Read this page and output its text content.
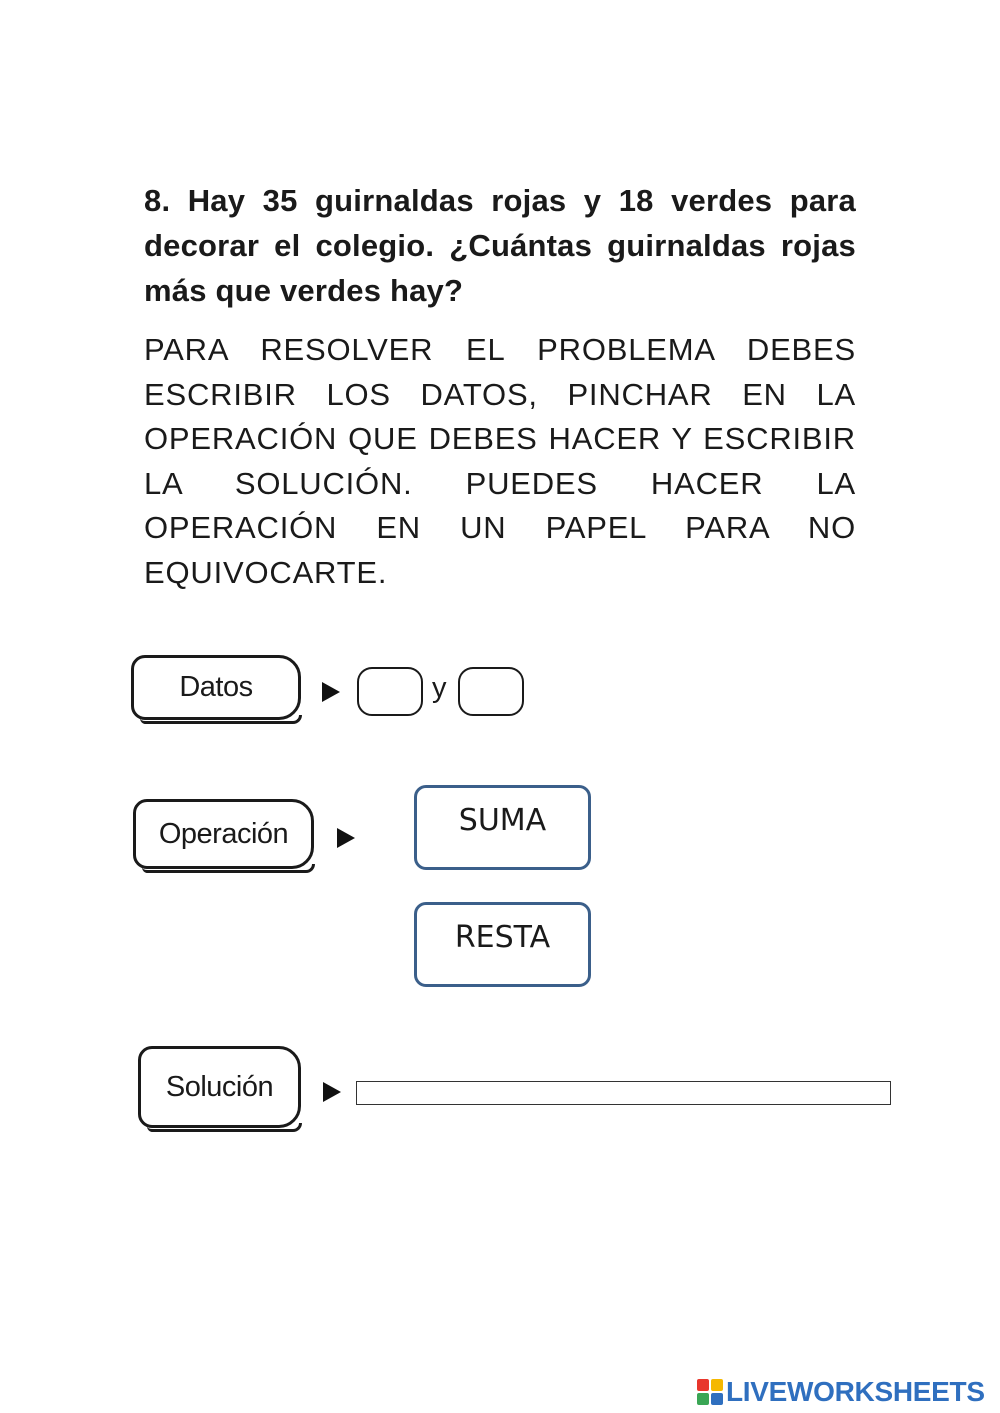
8. Hay 35 guirnaldas rojas y 18 verdes para decorar el colegio. ¿Cuántas guirnaldas rojas más que verdes hay?

PARA RESOLVER EL PROBLEMA DEBES ESCRIBIR LOS DATOS, PINCHAR EN LA OPERACIÓN QUE DEBES HACER Y ESCRIBIR LA SOLUCIÓN. PUEDES HACER LA OPERACIÓN EN UN PAPEL PARA NO EQUIVOCARTE.

Datos	y
Operación	SUMA
RESTA
Solución
LIVEWORKSHEETS
